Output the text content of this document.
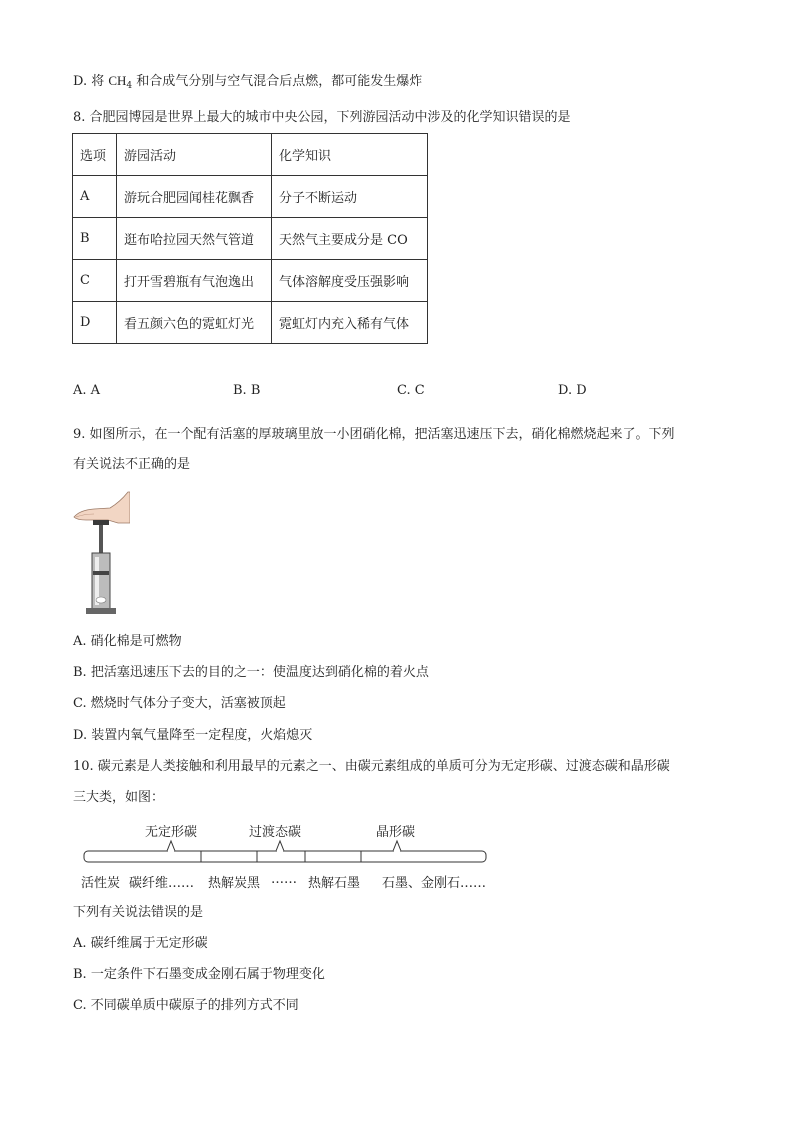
D. 将 $CH_4$ 和合成气分别与空气混合后点燃，都可能发生爆炸
8. 合肥园博园是世界上最大的城市中央公园，下列游园活动中涉及的化学知识错误的是
选项	游园活动	化学知识
A	游玩合肥园闻桂花飘香	分子不断运动
B	逛布哈拉园天然气管道	天然气主要成分是 CO
C	打开雪碧瓶有气泡逸出	气体溶解度受压强影响
D	看五颜六色的霓虹灯光	霓虹灯内充入稀有气体
A. A	B. B	C. C	D. D
9. 如图所示，在一个配有活塞的厚玻璃里放一小团硝化棉，把活塞迅速压下去，硝化棉燃烧起来了。下列
有关说法不正确的是
A. 硝化棉是可燃物
B. 把活塞迅速压下去的目的之一：使温度达到硝化棉的着火点
C. 燃烧时气体分子变大，活塞被顶起
D. 装置内氧气量降至一定程度，火焰熄灭
10. 碳元素是人类接触和利用最早的元素之一、由碳元素组成的单质可分为无定形碳、过渡态碳和晶形碳
三大类，如图：
无定形碳	过渡态碳	晶形碳
活性炭 碳纤维…… 热解炭黑 …… 热解石墨 石墨、金刚石……
下列有关说法错误的是
A. 碳纤维属于无定形碳
B. 一定条件下石墨变成金刚石属于物理变化
C. 不同碳单质中碳原子的排列方式不同
